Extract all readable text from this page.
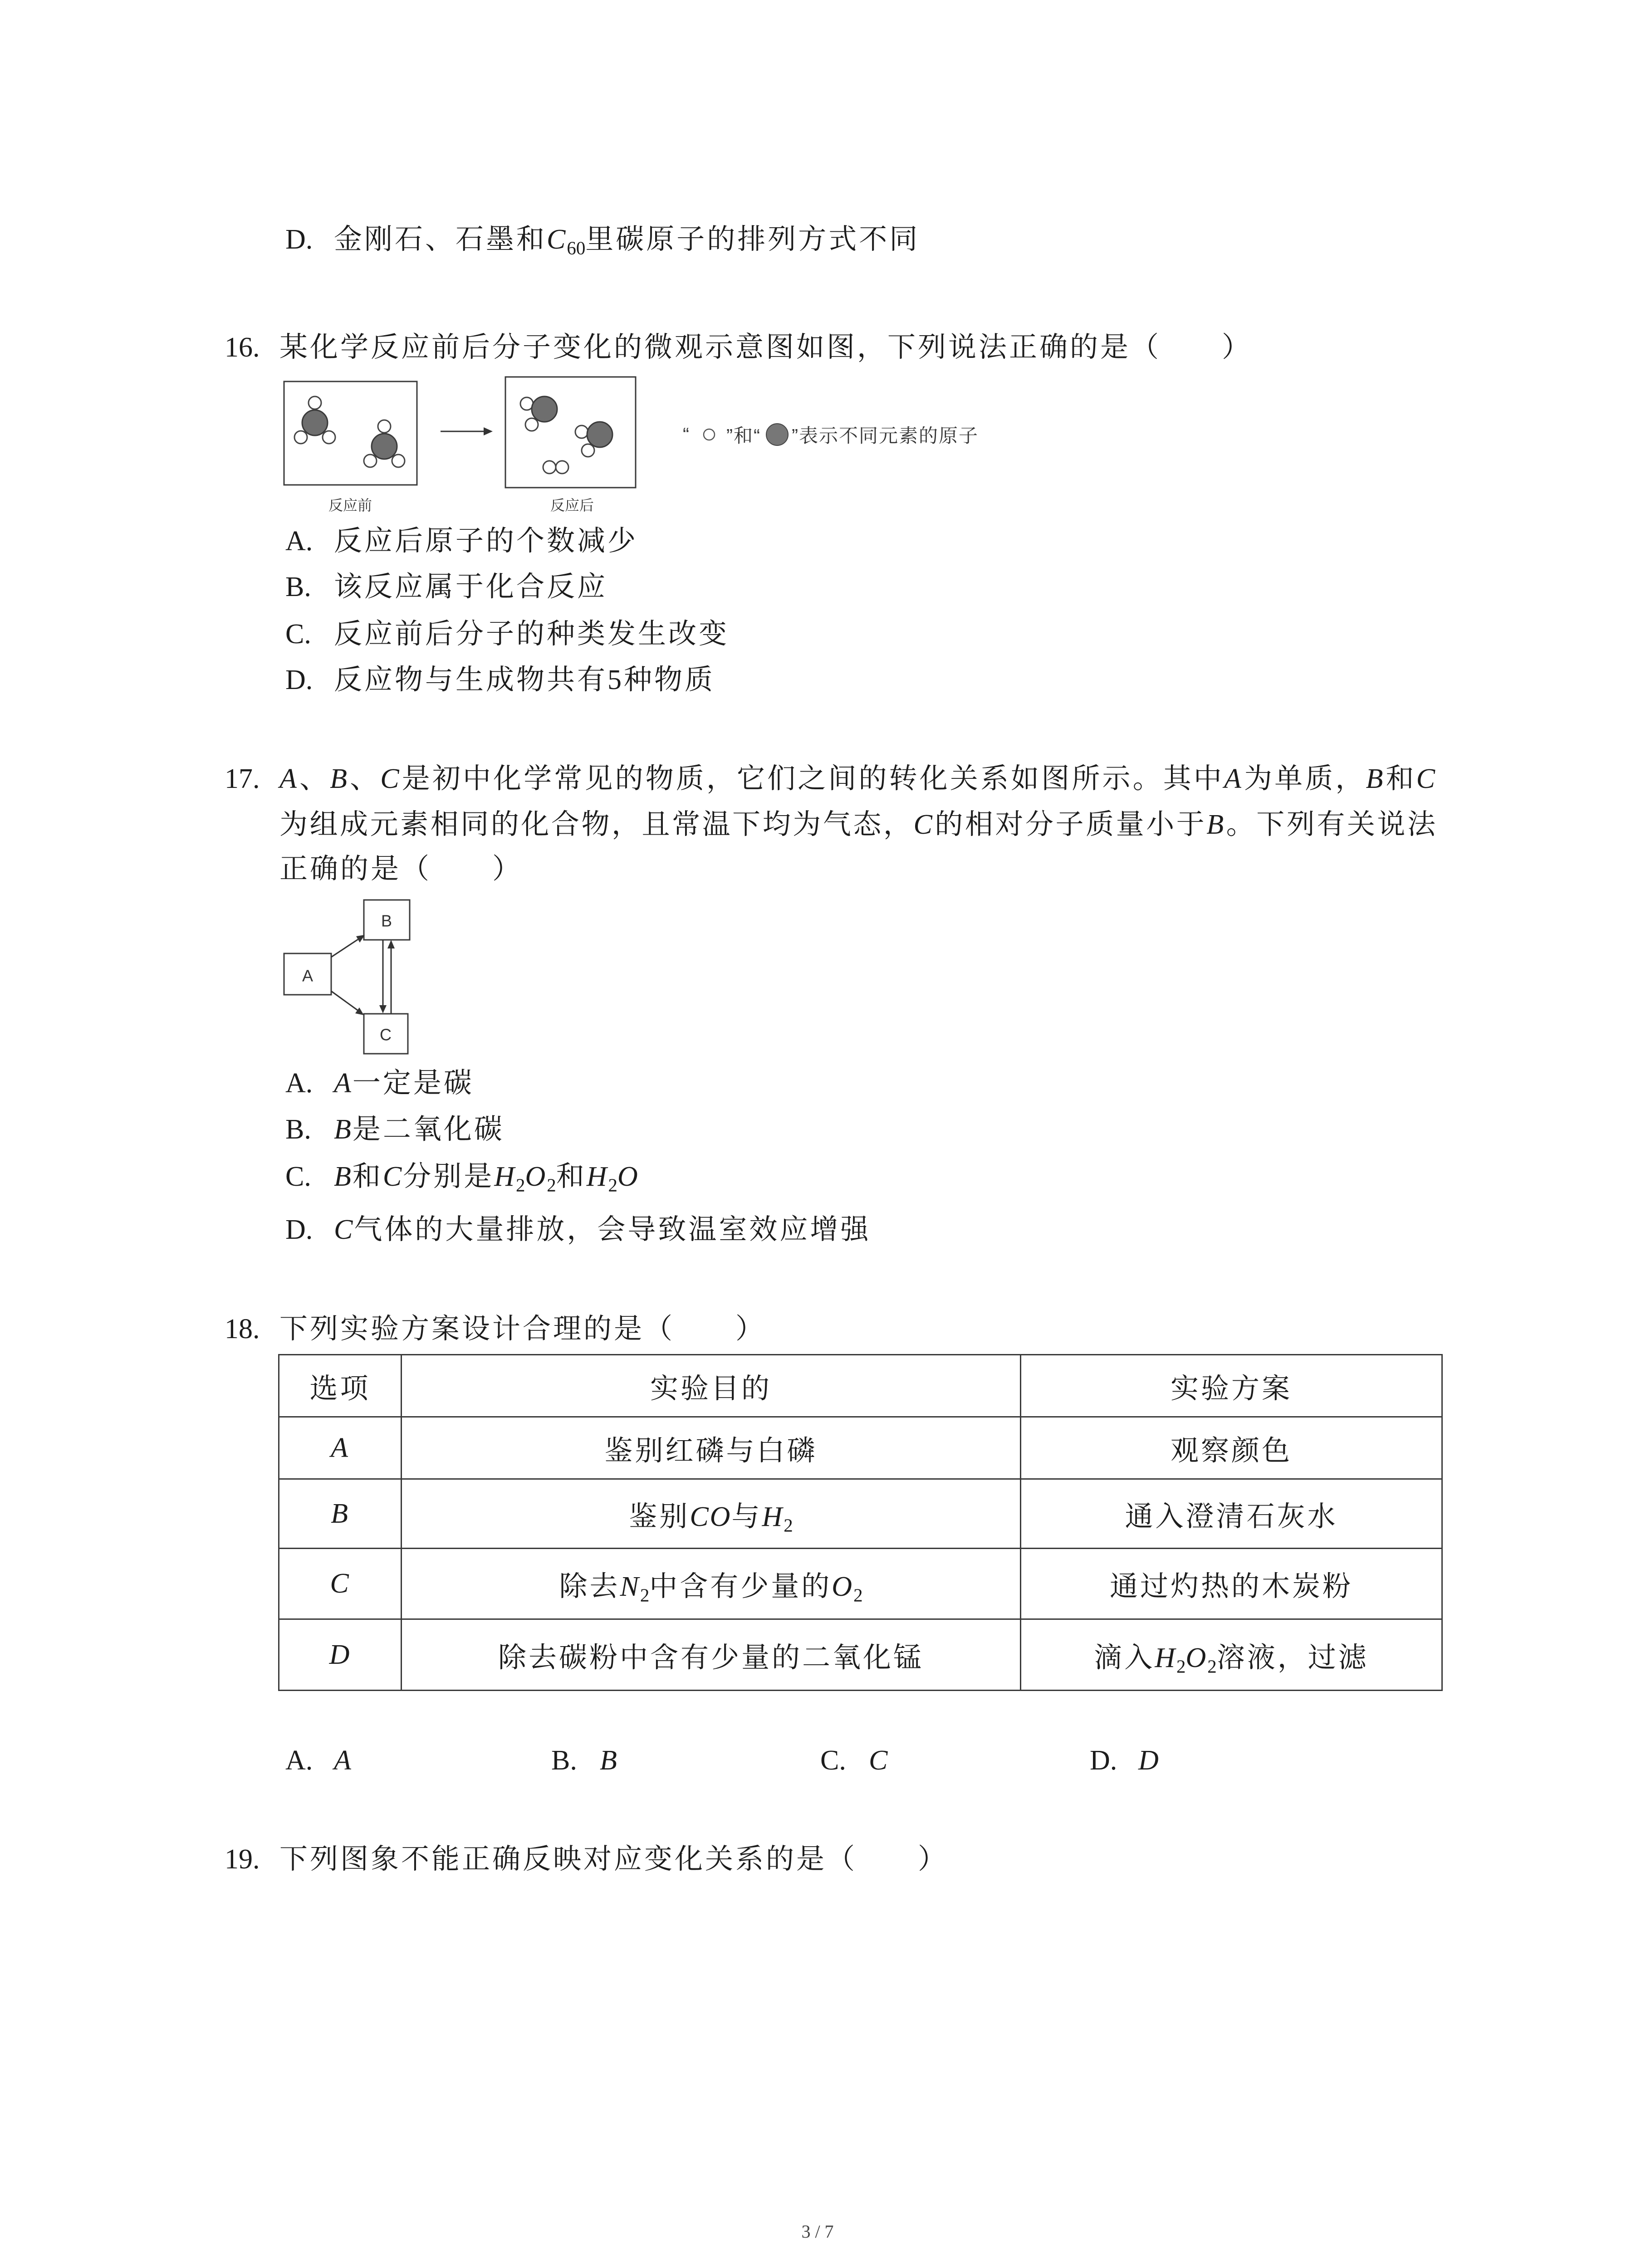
D. 金刚石、石墨和$C_{60}$里碳原子的排列方式不同
16. 某化学反应前后分子变化的微观示意图如图，下列说法正确的是（　　）
反应前	反应后
“ ”和“ ”表示不同元素的原子
A. 反应后原子的个数减少
B. 该反应属于化合反应
C. 反应前后分子的种类发生改变
D. 反应物与生成物共有5种物质
17. A、B、C是初中化学常见的物质，它们之间的转化关系如图所示。其中A为单质，B和C
为组成元素相同的化合物，且常温下均为气态，C的相对分子质量小于B。下列有关说法
正确的是（　　）
A
B
C
A. A一定是碳
B. B是二氧化碳
C. B和C分别是$H_2O_2$和$H_2O$
D. C气体的大量排放，会导致温室效应增强
18. 下列实验方案设计合理的是（　　）
选项	实验目的	实验方案
A	鉴别红磷与白磷	观察颜色
B	鉴别CO与$H_2$	通入澄清石灰水
C	除去$N_2$中含有少量的$O_2$	通过灼热的木炭粉
D	除去碳粉中含有少量的二氧化锰	滴入$H_2O_2$溶液，过滤
A. A	B. B	C. C	D. D
19. 下列图象不能正确反映对应变化关系的是（　　）
3 / 7
